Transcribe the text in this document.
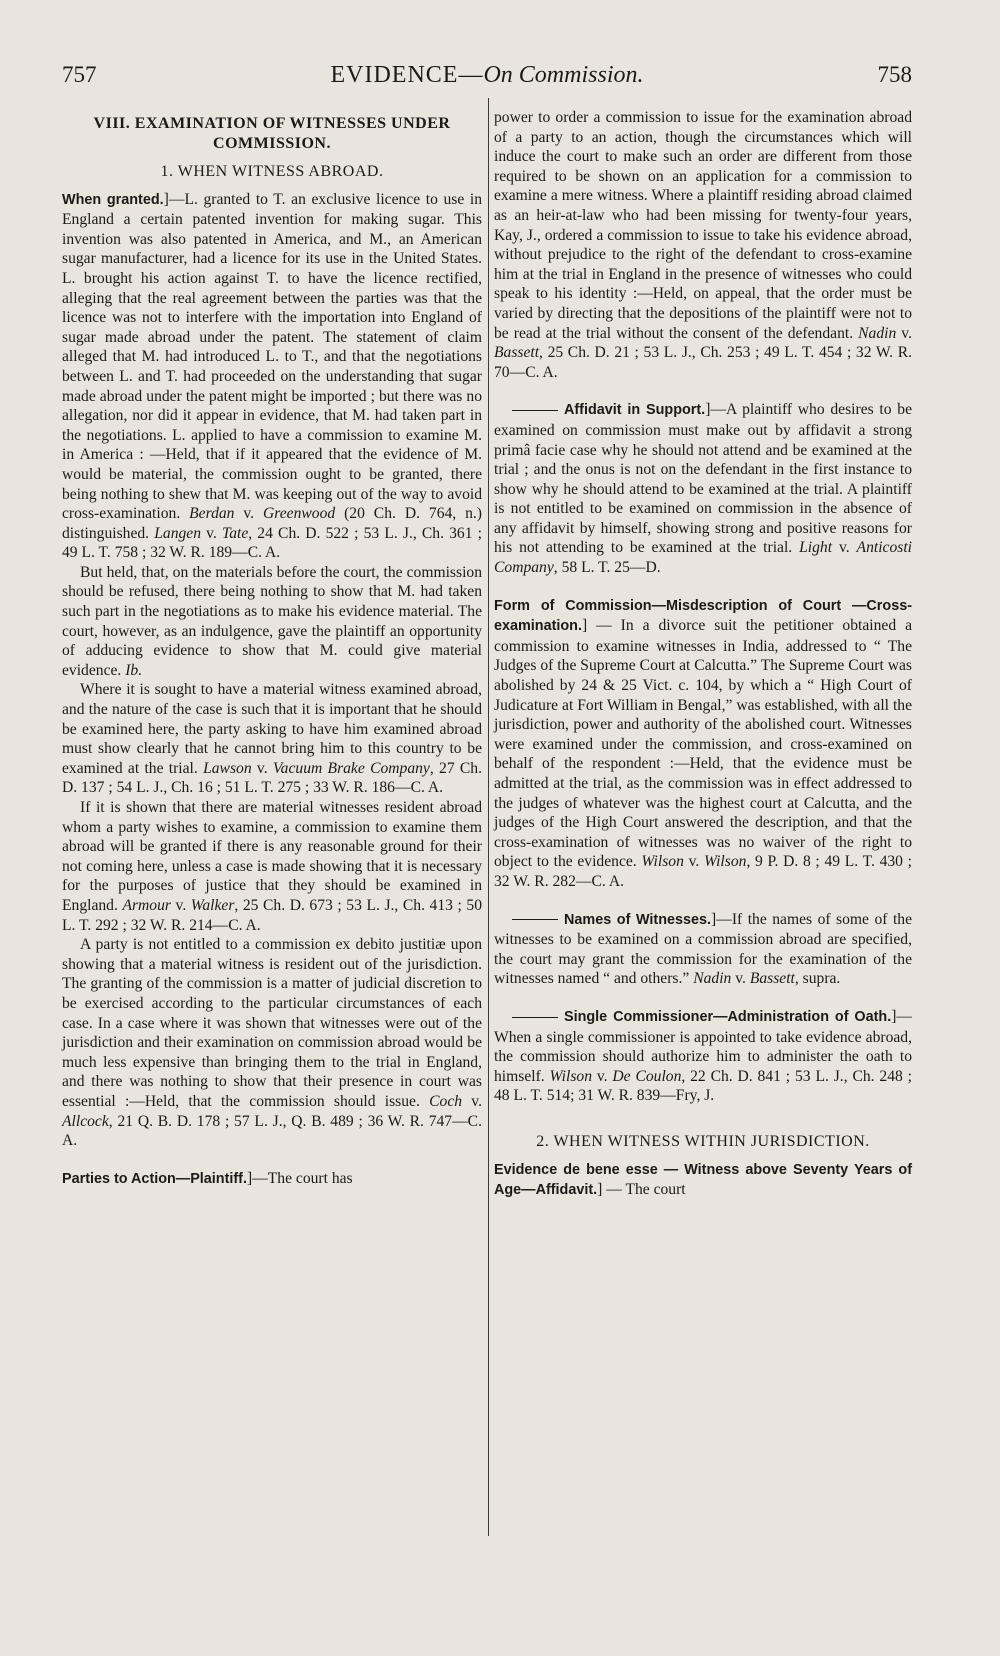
757	EVIDENCE—On Commission.	758
VIII. EXAMINATION OF WITNESSES UNDER COMMISSION.
1. WHEN WITNESS ABROAD.

When granted.]—L. granted to T. an exclusive licence to use in England a certain patented invention for making sugar. This invention was also patented in America, and M., an American sugar manufacturer, had a licence for its use in the United States. L. brought his action against T. to have the licence rectified, alleging that the real agreement between the parties was that the licence was not to interfere with the importation into England of sugar made abroad under the patent. The statement of claim alleged that M. had introduced L. to T., and that the negotiations between L. and T. had proceeded on the understanding that sugar made abroad under the patent might be imported ; but there was no allegation, nor did it appear in evidence, that M. had taken part in the negotiations. L. applied to have a commission to examine M. in America : —Held, that if it appeared that the evidence of M. would be material, the commission ought to be granted, there being nothing to shew that M. was keeping out of the way to avoid cross-examination. Berdan v. Greenwood (20 Ch. D. 764, n.) distinguished. Langen v. Tate, 24 Ch. D. 522 ; 53 L. J., Ch. 361 ; 49 L. T. 758 ; 32 W. R. 189—C. A.

But held, that, on the materials before the court, the commission should be refused, there being nothing to show that M. had taken such part in the negotiations as to make his evidence material. The court, however, as an indulgence, gave the plaintiff an opportunity of adducing evidence to show that M. could give material evidence. Ib.

Where it is sought to have a material witness examined abroad, and the nature of the case is such that it is important that he should be examined here, the party asking to have him examined abroad must show clearly that he cannot bring him to this country to be examined at the trial. Lawson v. Vacuum Brake Company, 27 Ch. D. 137 ; 54 L. J., Ch. 16 ; 51 L. T. 275 ; 33 W. R. 186—C. A.

If it is shown that there are material witnesses resident abroad whom a party wishes to examine, a commission to examine them abroad will be granted if there is any reasonable ground for their not coming here, unless a case is made showing that it is necessary for the purposes of justice that they should be examined in England. Armour v. Walker, 25 Ch. D. 673 ; 53 L. J., Ch. 413 ; 50 L. T. 292 ; 32 W. R. 214—C. A.

A party is not entitled to a commission ex debito justitiæ upon showing that a material witness is resident out of the jurisdiction. The granting of the commission is a matter of judicial discretion to be exercised according to the particular circumstances of each case. In a case where it was shown that witnesses were out of the jurisdiction and their examination on commission abroad would be much less expensive than bringing them to the trial in England, and there was nothing to show that their presence in court was essential :—Held, that the commission should issue. Coch v. Allcock, 21 Q. B. D. 178 ; 57 L. J., Q. B. 489 ; 36 W. R. 747—C. A.

Parties to Action—Plaintiff.]—The court has

power to order a commission to issue for the examination abroad of a party to an action, though the circumstances which will induce the court to make such an order are different from those required to be shown on an application for a commission to examine a mere witness. Where a plaintiff residing abroad claimed as an heir-at-law who had been missing for twenty-four years, Kay, J., ordered a commission to issue to take his evidence abroad, without prejudice to the right of the defendant to cross-examine him at the trial in England in the presence of witnesses who could speak to his identity :—Held, on appeal, that the order must be varied by directing that the depositions of the plaintiff were not to be read at the trial without the consent of the defendant. Nadin v. Bassett, 25 Ch. D. 21 ; 53 L. J., Ch. 253 ; 49 L. T. 454 ; 32 W. R. 70—C. A.

Affidavit in Support.]—A plaintiff who desires to be examined on commission must make out by affidavit a strong primâ facie case why he should not attend and be examined at the trial ; and the onus is not on the defendant in the first instance to show why he should attend to be examined at the trial. A plaintiff is not entitled to be examined on commission in the absence of any affidavit by himself, showing strong and positive reasons for his not attending to be examined at the trial. Light v. Anticosti Company, 58 L. T. 25—D.

Form of Commission—Misdescription of Court —Cross-examination.] — In a divorce suit the petitioner obtained a commission to examine witnesses in India, addressed to “ The Judges of the Supreme Court at Calcutta.” The Supreme Court was abolished by 24 & 25 Vict. c. 104, by which a “ High Court of Judicature at Fort William in Bengal,” was established, with all the jurisdiction, power and authority of the abolished court. Witnesses were examined under the commission, and cross-examined on behalf of the respondent :—Held, that the evidence must be admitted at the trial, as the commission was in effect addressed to the judges of whatever was the highest court at Calcutta, and the judges of the High Court answered the description, and that the cross-examination of witnesses was no waiver of the right to object to the evidence. Wilson v. Wilson, 9 P. D. 8 ; 49 L. T. 430 ; 32 W. R. 282—C. A.

Names of Witnesses.]—If the names of some of the witnesses to be examined on a commission abroad are specified, the court may grant the commission for the examination of the witnesses named “ and others.” Nadin v. Bassett, supra.

Single Commissioner—Administration of Oath.]—When a single commissioner is appointed to take evidence abroad, the commission should authorize him to administer the oath to himself. Wilson v. De Coulon, 22 Ch. D. 841 ; 53 L. J., Ch. 248 ; 48 L. T. 514; 31 W. R. 839—Fry, J.

2. WHEN WITNESS WITHIN JURISDICTION.

Evidence de bene esse — Witness above Seventy Years of Age—Affidavit.] — The court
